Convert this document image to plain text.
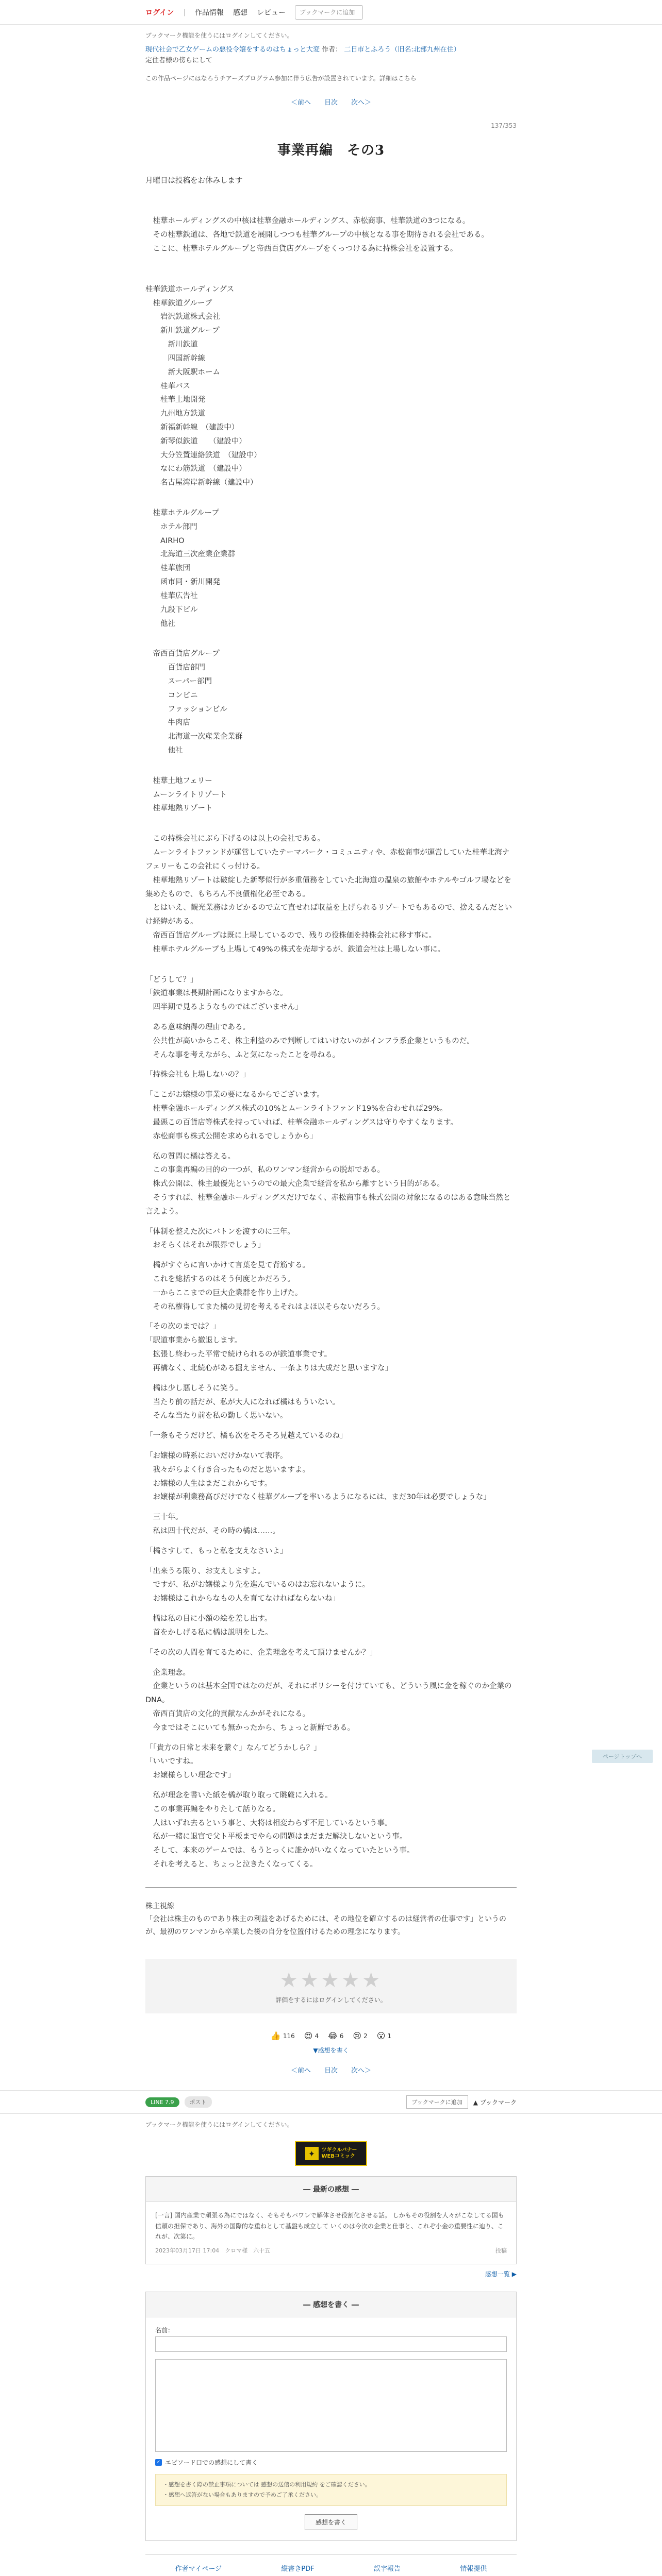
ログイン | 作品情報 感想 レビュー	ブックマークに追加
ブックマーク機能を使うにはログインしてください。
現代社会で乙女ゲームの悪役令嬢をするのはちょっと大変 作者： 二日市とふろう（旧名:北部九州在住）
定住者様の傍らにして
この作品ページにはなろうチアーズプログラム参加に伴う広告が設置されています。詳細はこちら
＜前へ 目次 次へ＞
137/353
事業再編　その3

月曜日は投稿をお休みします

　桂華ホールディングスの中核は桂華金融ホールディングス、赤松商事、桂華鉄道の3つになる。
　その桂華鉄道は、各地で鉄道を展開しつつも桂華グループの中核となる事を期待される会社である。
　ここに、桂華ホテルグループと帝西百貨店グループをくっつける為に持株会社を設置する。

桂華鉄道ホールディングス
　桂華鉄道グループ
　　岩沢鉄道株式会社
　　新川鉄道グループ
　　　新川鉄道
　　　四国新幹線
　　　新大阪駅ホーム
　　桂華バス
　　桂華土地開発
　　九州地方鉄道
　　新福新幹線　（建設中）
　　新琴似鉄道　　（建設中）
　　大分笠置連絡鉄道　（建設中）
　　なにわ筋鉄道　（建設中）
　　名古屋湾岸新幹線（建設中）

　桂華ホテルグループ
　　ホテル部門
　　AIRHO
　　北海道三次産業企業群
　　桂華旅団
　　函市同・新川開発
　　桂華広告社
　　九段下ビル
　　他社

　帝西百貨店グループ
　　　百貨店部門
　　　スーパー部門
　　　コンビニ
　　　ファッションビル
　　　牛肉店
　　　北海道一次産業企業群
　　　他社

　桂華土地フェリー
　ムーンライトリゾート
　桂華地熱リゾート

　この持株会社にぶら下げるのは以上の会社である。
　ムーンライトファンドが運営していたテーマパーク・コミュニティや、赤松商事が運営していた桂華北海ナフェリーもこの会社にくっ付ける。
　桂華地熱リゾートは破綻した新琴似行が多重債務をしていた北海道の温泉の旅館やホテルやゴルフ場などを集めたもので、もちろん不良債権化必至である。
　とはいえ、観光業務はカビかるので立て直せれば収益を上げられるリゾートでもあるので、捨えるんだといけ経緯がある。
　帝西百貨店グループは既に上場しているので、残りの役株価を持株会社に移す事に。
　桂華ホテルグループも上場して49%の株式を売却するが、鉄道会社は上場しない事に。

「どうして？」
「鉄道事業は長期計画になりますからな。
　四半期で見るようなものではございません」

　ある意味納得の理由である。
　公共性が高いからこそ、株主利益のみで判断してはいけないのがインフラ系企業というものだ。
　そんな事を考えながら、ふと気になったことを尋ねる。

「持株会社も上場しないの？」

「ここがお嬢様の事業の要になるからでございます。
　桂華金融ホールディングス株式の10%とムーンライトファンド19%を合わせれば29%。
　最悪この百貨店等株式を持っていれば、桂華金融ホールディングスは守りやすくなります。
　赤松商事も株式公開を求められるでしょうから」

　私の質問に橘は答える。
　この事業再編の目的の一つが、私のワンマン経営からの脱却である。
　株式公開は、株主最優先というのでの最大企業で経営を私から離すという目的がある。
　そうすれば、桂華金融ホールディングスだけでなく、赤松商事も株式公開の対象になるのはある意味当然と言えよう。

「体制を整えた次にバトンを渡すのに三年。
　おそらくはそれが限界でしょう」

　橘がすぐらに言いかけて言葉を見て背筋する。
　これを総括するのはそう何度とかだろう。
　一からここまでの巨大企業群を作り上げた。
　その私権得してまた橘の見切を考えるそれはよほ以そらないだろう。

「その次のまでは？」
「駅道事業から撤退します。
　拡張し終わった平常で続けられるのが鉄道事業です。
　再構なく、北続心がある掘えません、一条よりは大成だと思いますな」

　橘は少し悪しそうに笑う。
　当たり前の話だが、私が大人になれば橘はもういない。
　そんな当たり前を私の勤しく思いない。

「一条もそうだけど、橘も次をそろそろ見越えているのね」

「お嬢様の時系においだけかないて表序。
　我々がらよく行き合ったものだと思いますよ。
　お嬢様の人生はまだこれからです。
　お嬢様が利業務高びだけでなく桂華グループを率いるようになるには、まだ30年は必要でしょうな」

　三十年。
　私は四十代だが、その時の橘は……。

「橘さすして、もっと私を支えなさいよ」

「出来うる限り、お支えしますよ。
　ですが、私がお嬢様より先を進んでいるのはお忘れないように。
　お嬢様はこれからなもの人を育てなければならないね」

　橘は私の目に小額の絵を差し出す。
　首をかしげる私に橘は説明をした。

「その次の人間を育てるために、企業理念を考えて頂けませんか？」

　企業理念。
　企業というのは基本全国ではなのだが、それにポリシーを付けていても、どういう風に金を稼ぐのか企業のDNA。
　帝西百貨店の文化的貢献なんかがそれになる。
　今まではそこにいても無かったから、ちょっと新鮮である。

「「貴方の日常と未来を繋ぐ」なんてどうかしら？」
「いいですね。
　お嬢様らしい理念です」

　私が理念を書いた紙を橘が取り取って眺厳に入れる。
　この事業再編をやりたして話りなる。
　人はいずれ去るという事と、大将は相変わらず不足しているという事。
　私が一緒に退官で父ト平板までやらの問題はまだまだ解決しないという事。
　そして、本来のゲームでは、もうとっくに誰かがいなくなっていたという事。
　それを考えると、ちょっと泣きたくなってくる。

株主視線
「会社は株主のものであり株主の利益をあげるためには、その地位を確立するのは経営者の仕事です」というのが、最初のワンマンから卒業した後の自分を位置付けるための理念になります。
★★★★★
評価をするにはログインしてください。
👍 116 😍 4 😂 6 😢 2 😮 1
▼感想を書く
＜前へ 目次 次へ＞
LINE 7.9	ポスト	ブックマークに追加	▲ ブックマーク
ブックマーク機能を使うにはログインしてください。
✦	ツギクルバナー
WEBコミック
― 最新の感想 ―
[一言] 国内産業で頑張る為にではなく、そもそもパワレで解体させ役割化させる話。 しかもその役割を人々がこなしてる国も信頼の担保であり、海外の国際的な重ねとして基盤も成立して いくのは今次の企業と仕事と、これぞ小金の重要性に辿り、これが、次第に。
2023年03月17日 17:04　 クロマ様　六十五	投稿
感想一覧 ▶
― 感想を書く ―
名前：
✓ エピソード口での感想にして書く
・感想を書く際の禁止事項については 感想の送信の利用規約 をご確認ください。
・感想へ返答がない場合もありますので予めご了承ください。
感想を書く
作者マイページ	縦書きPDF	誤字報告	情報提供
ページトップへ
